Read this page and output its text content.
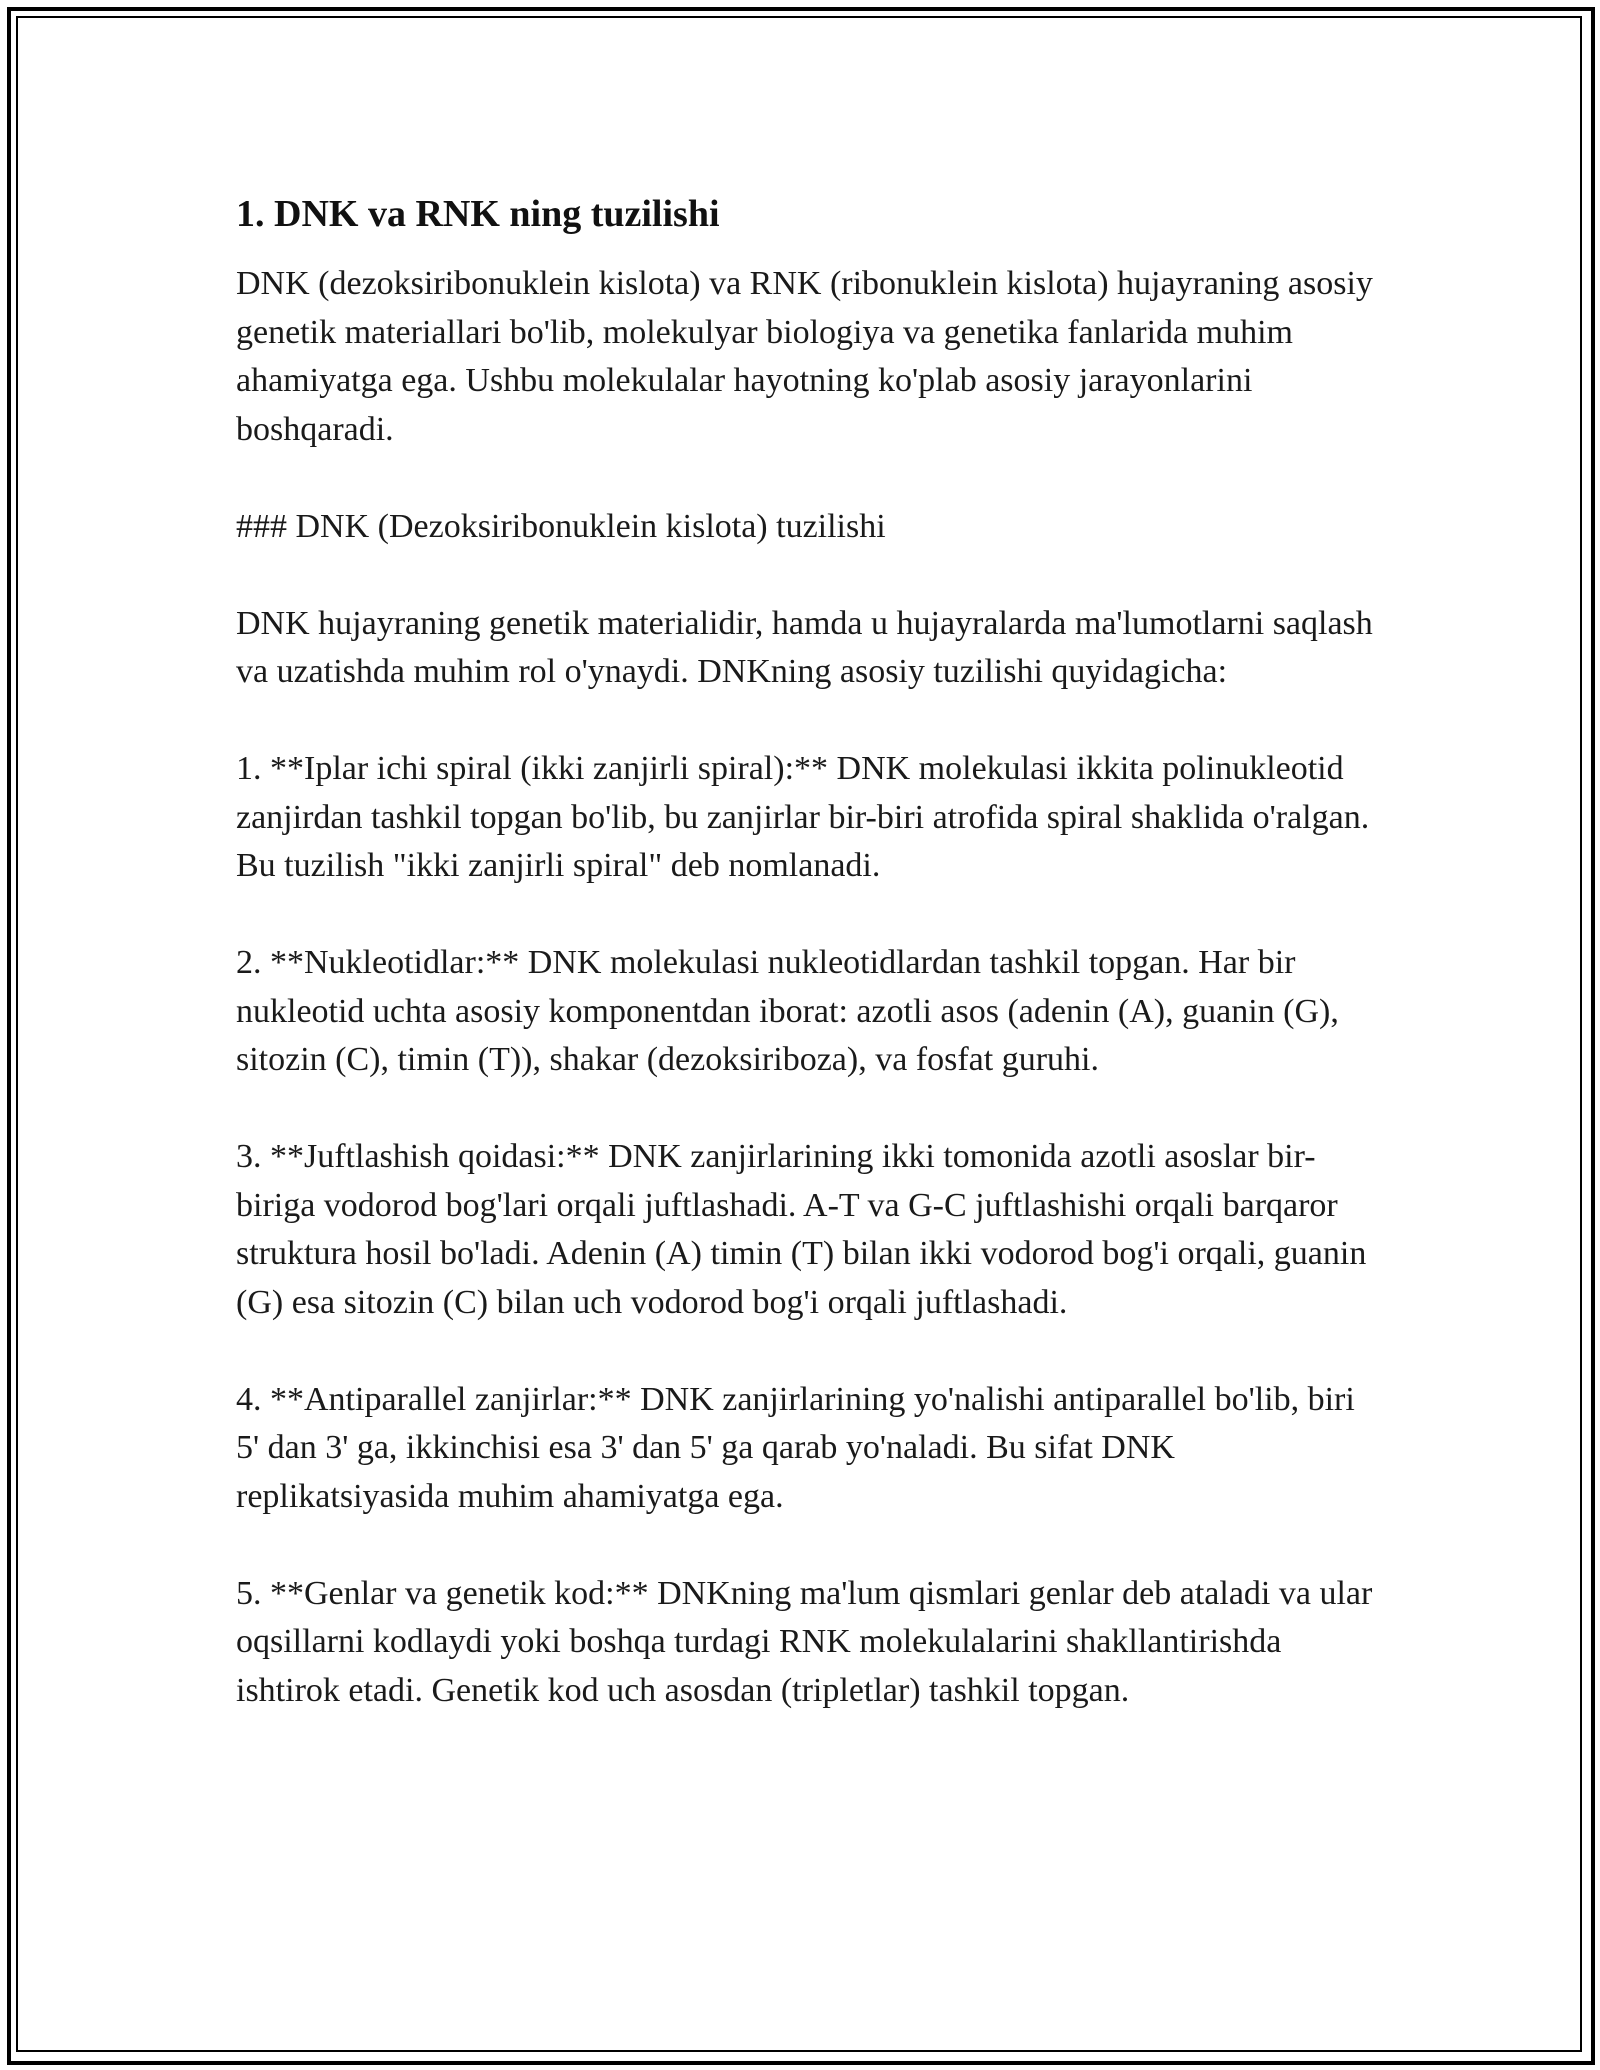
1. DNK va RNK ning tuzilishi

DNK (dezoksiribonuklein kislota) va RNK (ribonuklein kislota) hujayraning asosiy genetik materiallari bo'lib, molekulyar biologiya va genetika fanlarida muhim ahamiyatga ega. Ushbu molekulalar hayotning ko'plab asosiy jarayonlarini boshqaradi.

### DNK (Dezoksiribonuklein kislota) tuzilishi

DNK hujayraning genetik materialidir, hamda u hujayralarda ma'lumotlarni saqlash va uzatishda muhim rol o'ynaydi. DNKning asosiy tuzilishi quyidagicha:

1. **Iplar ichi spiral (ikki zanjirli spiral):** DNK molekulasi ikkita polinukleotid zanjirdan tashkil topgan bo'lib, bu zanjirlar bir-biri atrofida spiral shaklida o'ralgan. Bu tuzilish "ikki zanjirli spiral" deb nomlanadi.

2. **Nukleotidlar:** DNK molekulasi nukleotidlardan tashkil topgan. Har bir nukleotid uchta asosiy komponentdan iborat: azotli asos (adenin (A), guanin (G), sitozin (C), timin (T)), shakar (dezoksiriboza), va fosfat guruhi.

3. **Juftlashish qoidasi:** DNK zanjirlarining ikki tomonida azotli asoslar bir-biriga vodorod bog'lari orqali juftlashadi. A-T va G-C juftlashishi orqali barqaror struktura hosil bo'ladi. Adenin (A) timin (T) bilan ikki vodorod bog'i orqali, guanin (G) esa sitozin (C) bilan uch vodorod bog'i orqali juftlashadi.

4. **Antiparallel zanjirlar:** DNK zanjirlarining yo'nalishi antiparallel bo'lib, biri 5' dan 3' ga, ikkinchisi esa 3' dan 5' ga qarab yo'naladi. Bu sifat DNK replikatsiyasida muhim ahamiyatga ega.

5. **Genlar va genetik kod:** DNKning ma'lum qismlari genlar deb ataladi va ular oqsillarni kodlaydi yoki boshqa turdagi RNK molekulalarini shakllantirishda ishtirok etadi. Genetik kod uch asosdan (tripletlar) tashkil topgan.
